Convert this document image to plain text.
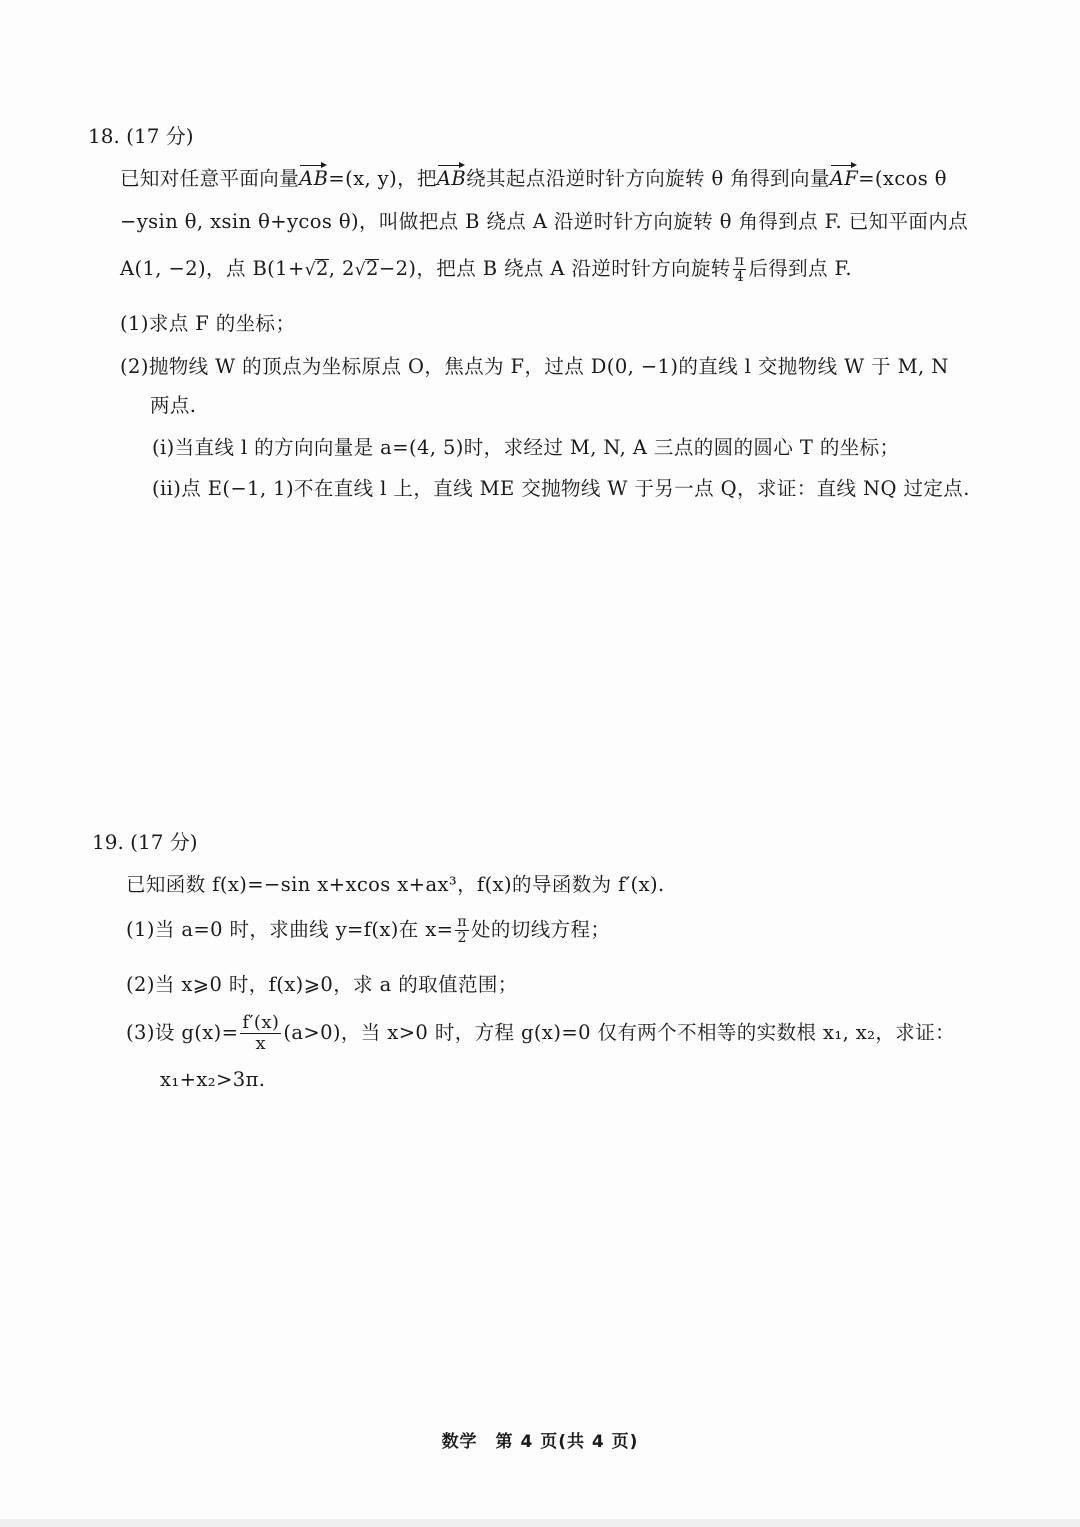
18. (17 分)
已知对任意平面向量AB=(x, y)，把AB绕其起点沿逆时针方向旋转 θ 角得到向量AF=(xcos θ
−ysin θ, xsin θ+ycos θ)，叫做把点 B 绕点 A 沿逆时针方向旋转 θ 角得到点 F. 已知平面内点
A(1, −2)，点 B(1+√2, 2√2−2)，把点 B 绕点 A 沿逆时针方向旋转 $\frac{\pi}{4}$ 后得到点 F.
(1)求点 F 的坐标；
(2)抛物线 W 的顶点为坐标原点 O，焦点为 F，过点 D(0, −1)的直线 l 交抛物线 W 于 M, N
两点.
(i)当直线 l 的方向向量是 a=(4, 5)时，求经过 M, N, A 三点的圆的圆心 T 的坐标；
(ii)点 E(−1, 1)不在直线 l 上，直线 ME 交抛物线 W 于另一点 Q，求证：直线 NQ 过定点.
19. (17 分)
已知函数 f(x)=−sin x+xcos x+ax³，f(x)的导函数为 f′(x).
(1)当 a=0 时，求曲线 y=f(x)在 $x= \frac{\pi}{2}$ 处的切线方程；
(2)当 x⩾0 时，f(x)⩾0，求 a 的取值范围；
(3)设 $g(x)= \frac{f'(x)}{x} (a>0)$，当 x>0 时，方程 g(x)=0 仅有两个不相等的实数根 x₁, x₂，求证：
x₁+x₂>3π.
数学　第 4 页(共 4 页)
